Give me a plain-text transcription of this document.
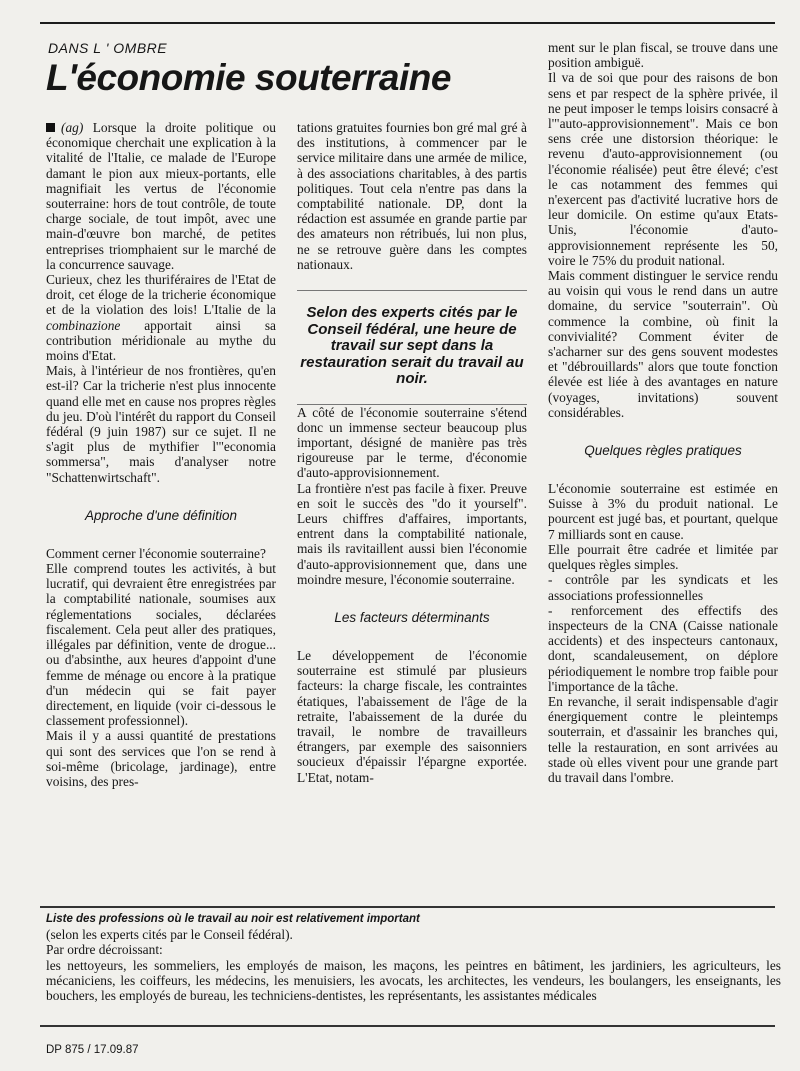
DANS L ' OMBRE

L'économie souterraine

(ag) Lorsque la droite politique ou économique cherchait une explication à la vitalité de l'Italie, ce malade de l'Europe damant le pion aux mieux-portants, elle magnifiait les vertus de l'économie souterraine: hors de tout contrôle, de toute charge sociale, de tout impôt, avec une main-d'œuvre bon marché, de petites entreprises triomphaient sur le marché de la concurrence sauvage.

Curieux, chez les thuriféraires de l'Etat de droit, cet éloge de la tricherie économique et de la violation des lois! L'Italie de la combinazione apportait ainsi sa contribution méridionale au mythe du moins d'Etat.

Mais, à l'intérieur de nos frontières, qu'en est-il? Car la tricherie n'est plus innocente quand elle met en cause nos propres règles du jeu. D'où l'intérêt du rapport du Conseil fédéral (9 juin 1987) sur ce sujet. Il ne s'agit plus de mythifier l'"economia sommersa", mais d'analyser notre "Schattenwirtschaft".

Approche d'une définition

Comment cerner l'économie souterraine?

Elle comprend toutes les activités, à but lucratif, qui devraient être enregistrées par la comptabilité nationale, soumises aux réglementations sociales, déclarées fiscalement. Cela peut aller des pratiques, illégales par définition, vente de drogue... ou d'absinthe, aux heures d'appoint d'une femme de ménage ou encore à la pratique d'un médecin qui se fait payer directement, en liquide (voir ci-dessous le classement professionnel).

Mais il y a aussi quantité de prestations qui sont des services que l'on se rend à soi-même (bricolage, jardinage), entre voisins, des pres-

tations gratuites fournies bon gré mal gré à des institutions, à commencer par le service militaire dans une armée de milice, à des associations charitables, à des partis politiques. Tout cela n'entre pas dans la comptabilité nationale. DP, dont la rédaction est assumée en grande partie par des amateurs non rétribués, lui non plus, ne se retrouve guère dans les comptes nationaux.

Selon des experts cités par le Conseil fédéral, une heure de travail sur sept dans la restauration serait du travail au noir.

A côté de l'économie souterraine s'étend donc un immense secteur beaucoup plus important, désigné de manière pas très rigoureuse par le terme, d'économie d'auto-approvisionnement.

La frontière n'est pas facile à fixer. Preuve en soit le succès des "do it yourself". Leurs chiffres d'affaires, importants, entrent dans la comptabilité nationale, mais ils ravitaillent aussi bien l'économie d'auto-approvisionnement que, dans une moindre mesure, l'économie souterraine.

Les facteurs déterminants

Le développement de l'économie souterraine est stimulé par plusieurs facteurs: la charge fiscale, les contraintes étatiques, l'abaissement de l'âge de la retraite, l'abaissement de la durée du travail, le nombre de travailleurs étrangers, par exemple des saisonniers soucieux d'épaissir l'épargne exportée. L'Etat, notam-

ment sur le plan fiscal, se trouve dans une position ambiguë.

Il va de soi que pour des raisons de bon sens et par respect de la sphère privée, il ne peut imposer le temps loisirs consacré à l'"auto-approvisionnement". Mais ce bon sens crée une distorsion théorique: le revenu d'auto-approvisionnement (ou l'économie réalisée) peut être élevé; c'est le cas notamment des femmes qui n'exercent pas d'activité lucrative hors de leur domicile. On estime qu'aux Etats-Unis, l'économie d'auto-approvisionnement représente les 50, voire le 75% du produit national.

Mais comment distinguer le service rendu au voisin qui vous le rend dans un autre domaine, du service "souterrain". Où commence la combine, où finit la convivialité? Comment éviter de s'acharner sur des gens souvent modestes et "débrouillards" alors que toute fonction élevée est liée à des avantages en nature (voyages, invitations) souvent considérables.

Quelques règles pratiques

L'économie souterraine est estimée en Suisse à 3% du produit national. Le pourcent est jugé bas, et pourtant, quelque 7 milliards sont en cause.

Elle pourrait être cadrée et limitée par quelques règles simples.

- contrôle par les syndicats et les associations professionnelles

- renforcement des effectifs des inspecteurs de la CNA (Caisse nationale accidents) et des inspecteurs cantonaux, dont, scandaleusement, on déplore périodiquement le nombre trop faible pour l'importance de la tâche.

En revanche, il serait indispensable d'agir énergiquement contre le pleintemps souterrain, et d'assainir les branches qui, telle la restauration, en sont arrivées au stade où elles vivent pour une grande part du travail dans l'ombre.

Liste des professions où le travail au noir est relativement important

(selon les experts cités par le Conseil fédéral).

Par ordre décroissant:

les nettoyeurs, les sommeliers, les employés de maison, les maçons, les peintres en bâtiment, les jardiniers, les agriculteurs, les mécaniciens, les coiffeurs, les médecins, les menuisiers, les avocats, les architectes, les vendeurs, les boulangers, les enseignants, les bouchers, les employés de bureau, les techniciens-dentistes, les représentants, les assistantes médicales

DP 875 / 17.09.87
